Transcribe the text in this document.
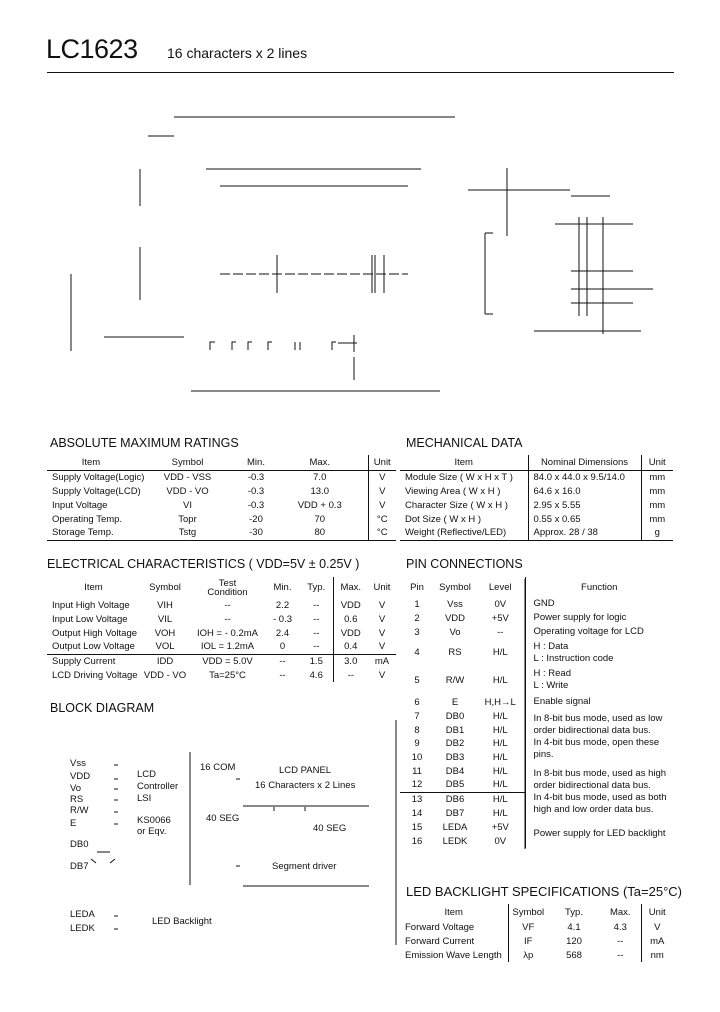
LC1623 16 characters x 2 lines
ABSOLUTE MAXIMUM RATINGS
Item	Symbol	Min.	Max.	Unit
Supply Voltage(Logic)	VDD - VSS	-0.3	7.0	V
Supply Voltage(LCD)	VDD - VO	-0.3	13.0	V
Input Voltage	VI	-0.3	VDD + 0.3	V
Operating Temp.	Topr	-20	70	°C
Storage Temp.	Tstg	-30	80	°C
MECHANICAL DATA
Item	Nominal Dimensions	Unit
Module Size ( W x H x T )	84.0 x 44.0 x 9.5/14.0	mm
Viewing Area ( W x H )	64.6 x 16.0	mm
Character Size ( W x H )	2.95 x 5.55	mm
Dot Size ( W x H )	0.55 x 0.65	mm
Weight (Reflective/LED)	Approx. 28 / 38	g
ELECTRICAL CHARACTERISTICS ( VDD=5V ± 0.25V )
Item	Symbol	Test Condition	Min.	Typ.	Max.	Unit
Input High Voltage	VIH	--	2.2	--	VDD	V
Input Low Voltage	VIL	--	- 0.3	--	0.6	V
Output High Voltage	VOH	IOH = - 0.2mA	2.4	--	VDD	V
Output Low Voltage	VOL	IOL = 1.2mA	0	--	0.4	V
Supply Current	IDD	VDD = 5.0V	--	1.5	3.0	mA
LCD Driving Voltage	VDD - VO	Ta=25°C	--	4.6	--	V
PIN CONNECTIONS
Pin	Symbol	Level	Function
1	Vss	0V	GND
2	VDD	+5V	Power supply for logic
3	Vo	--	Operating voltage for LCD
4	RS	H/L	H : Data
L : Instruction code

5	R/W	H/L	H : Read
L : Write

6	E	H,H→L	Enable signal
7	DB0	H/L	In 8-bit bus mode, used as low
order bidirectional data bus.
In 4-bit bus mode, open these
pins.

8	DB1	H/L	
9	DB2	H/L	
10	DB3	H/L	
11	DB4	H/L	In 8-bit bus mode, used as high
order bidirectional data bus.
In 4-bit bus mode, used as both
high and low order data bus.

12	DB5	H/L	
13	DB6	H/L	
14	DB7	H/L	
15	LEDA	+5V	Power supply for LED backlight
16	LEDK	0V	
BLOCK DIAGRAM
Vss
VDD
Vo
RS
R/W
E
DB0
DB7
LCD
Controller
LSI
KS0066
or Eqv.
16 COM	LCD PANEL
16 Characters x 2 Lines
40 SEG
40 SEG
Segment driver
LEDA
LEDK
LED Backlight
LED BACKLIGHT SPECIFICATIONS (Ta=25°C)
Item	Symbol	Typ.	Max.	Unit
Forward Voltage	VF	4.1	4.3	V
Forward Current	IF	120	--	mA
Emission Wave Length	λp	568	--	nm
